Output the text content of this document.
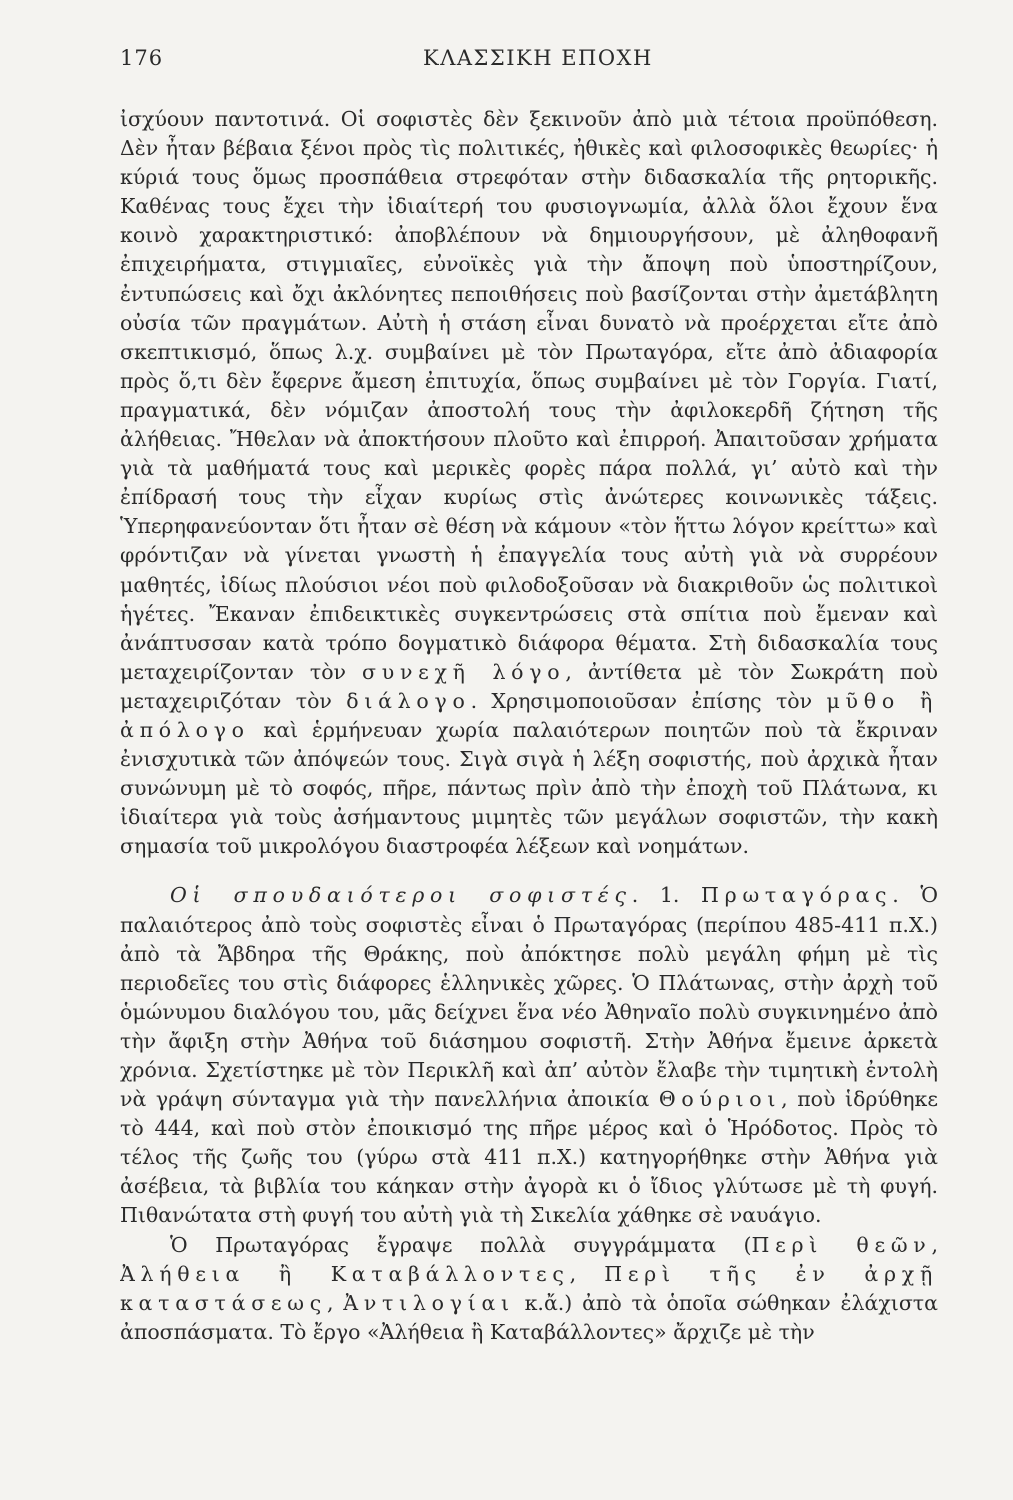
176	ΚΛΑΣΣΙΚΗ ΕΠΟΧΗ

ἰσχύουν παντοτινά. Οἱ σοφιστὲς δὲν ξεκινοῦν ἀπὸ μιὰ τέτοια προϋπόθεση. Δὲν ἦταν βέβαια ξένοι πρὸς τὶς πολιτικές, ἠθικὲς καὶ φιλοσοφικὲς θεωρίες· ἡ κύριά τους ὅμως προσπάθεια στρεφόταν στὴν διδασκαλία τῆς ρητορικῆς. Καθένας τους ἔχει τὴν ἰδιαίτερή του φυσιογνωμία, ἀλλὰ ὅλοι ἔχουν ἕνα κοινὸ χαρακτηριστικό: ἀποβλέπουν νὰ δημιουργήσουν, μὲ ἀληθοφανῆ ἐπιχειρήματα, στιγμιαῖες, εὐνοϊκὲς γιὰ τὴν ἄποψη ποὺ ὑποστηρίζουν, ἐντυπώσεις καὶ ὄχι ἀκλόνητες πεποιθήσεις ποὺ βασίζονται στὴν ἀμετάβλητη οὐσία τῶν πραγμάτων. Αὐτὴ ἡ στάση εἶναι δυνατὸ νὰ προέρχεται εἴτε ἀπὸ σκεπτικισμό, ὅπως λ.χ. συμβαίνει μὲ τὸν Πρωταγόρα, εἴτε ἀπὸ ἀδιαφορία πρὸς ὅ,τι δὲν ἔφερνε ἄμεση ἐπιτυχία, ὅπως συμβαίνει μὲ τὸν Γοργία. Γιατί, πραγματικά, δὲν νόμιζαν ἀποστολή τους τὴν ἀφιλοκερδῆ ζήτηση τῆς ἀλήθειας. Ἤθελαν νὰ ἀποκτήσουν πλοῦτο καὶ ἐπιρροή. Ἀπαιτοῦσαν χρήματα γιὰ τὰ μαθήματά τους καὶ μερικὲς φορὲς πάρα πολλά, γι’ αὐτὸ καὶ τὴν ἐπίδρασή τους τὴν εἶχαν κυρίως στὶς ἀνώτερες κοινωνικὲς τάξεις. Ὑπερηφανεύονταν ὅτι ἦταν σὲ θέση νὰ κάμουν «τὸν ἥττω λόγον κρείττω» καὶ φρόντιζαν νὰ γίνεται γνωστὴ ἡ ἐπαγγελία τους αὐτὴ γιὰ νὰ συρρέουν μαθητές, ἰδίως πλούσιοι νέοι ποὺ φιλοδοξοῦσαν νὰ διακριθοῦν ὡς πολιτικοὶ ἡγέτες. Ἔκαναν ἐπιδεικτικὲς συγκεντρώσεις στὰ σπίτια ποὺ ἔμεναν καὶ ἀνάπτυσσαν κατὰ τρόπο δογματικὸ διάφορα θέματα. Στὴ διδασκαλία τους μεταχειρίζονταν τὸν συνεχῆ λόγο, ἀντίθετα μὲ τὸν Σωκράτη ποὺ μεταχειριζόταν τὸν διάλογο. Χρησιμοποιοῦσαν ἐπίσης τὸν μῦθο ἢ ἀπόλογο καὶ ἑρμήνευαν χωρία παλαιότερων ποιητῶν ποὺ τὰ ἔκριναν ἐνισχυτικὰ τῶν ἀπόψεών τους. Σιγὰ σιγὰ ἡ λέξη σοφιστής, ποὺ ἀρχικὰ ἦταν συνώνυμη μὲ τὸ σοφός, πῆρε, πάντως πρὶν ἀπὸ τὴν ἐποχὴ τοῦ Πλάτωνα, κι ἰδιαίτερα γιὰ τοὺς ἀσήμαντους μιμητὲς τῶν μεγάλων σοφιστῶν, τὴν κακὴ σημασία τοῦ μικρολόγου διαστροφέα λέξεων καὶ νοημάτων.

Οἱ σπουδαιότεροι σοφιστές. 1. Πρωταγόρας. Ὁ παλαιότερος ἀπὸ τοὺς σοφιστὲς εἶναι ὁ Πρωταγόρας (περίπου 485-411 π.Χ.) ἀπὸ τὰ Ἄβδηρα τῆς Θράκης, ποὺ ἀπόκτησε πολὺ μεγάλη φήμη μὲ τὶς περιοδεῖες του στὶς διάφορες ἑλληνικὲς χῶρες. Ὁ Πλάτωνας, στὴν ἀρχὴ τοῦ ὁμώνυμου διαλόγου του, μᾶς δείχνει ἕνα νέο Ἀθηναῖο πολὺ συγκινημένο ἀπὸ τὴν ἄφιξη στὴν Ἀθήνα τοῦ διάσημου σοφιστῆ. Στὴν Ἀθήνα ἔμεινε ἀρκετὰ χρόνια. Σχετίστηκε μὲ τὸν Περικλῆ καὶ ἀπ’ αὐτὸν ἔλαβε τὴν τιμητικὴ ἐντολὴ νὰ γράψη σύνταγμα γιὰ τὴν πανελλήνια ἀποικία Θούριοι, ποὺ ἱδρύθηκε τὸ 444, καὶ ποὺ στὸν ἐποικισμό της πῆρε μέρος καὶ ὁ Ἡρόδοτος. Πρὸς τὸ τέλος τῆς ζωῆς του (γύρω στὰ 411 π.Χ.) κατηγορήθηκε στὴν Ἀθήνα γιὰ ἀσέβεια, τὰ βιβλία του κάηκαν στὴν ἀγορὰ κι ὁ ἴδιος γλύτωσε μὲ τὴ φυγή. Πιθανώτατα στὴ φυγή του αὐτὴ γιὰ τὴ Σικελία χάθηκε σὲ ναυάγιο.

Ὁ Πρωταγόρας ἔγραψε πολλὰ συγγράμματα (Περὶ θεῶν, Ἀλήθεια ἢ Καταβάλλοντες, Περὶ τῆς ἐν ἀρχῇ καταστάσεως, Ἀντιλογίαι κ.ἄ.) ἀπὸ τὰ ὁποῖα σώθηκαν ἐλάχιστα ἀποσπάσματα. Τὸ ἔργο «Ἀλήθεια ἢ Καταβάλλοντες» ἄρχιζε μὲ τὴν
